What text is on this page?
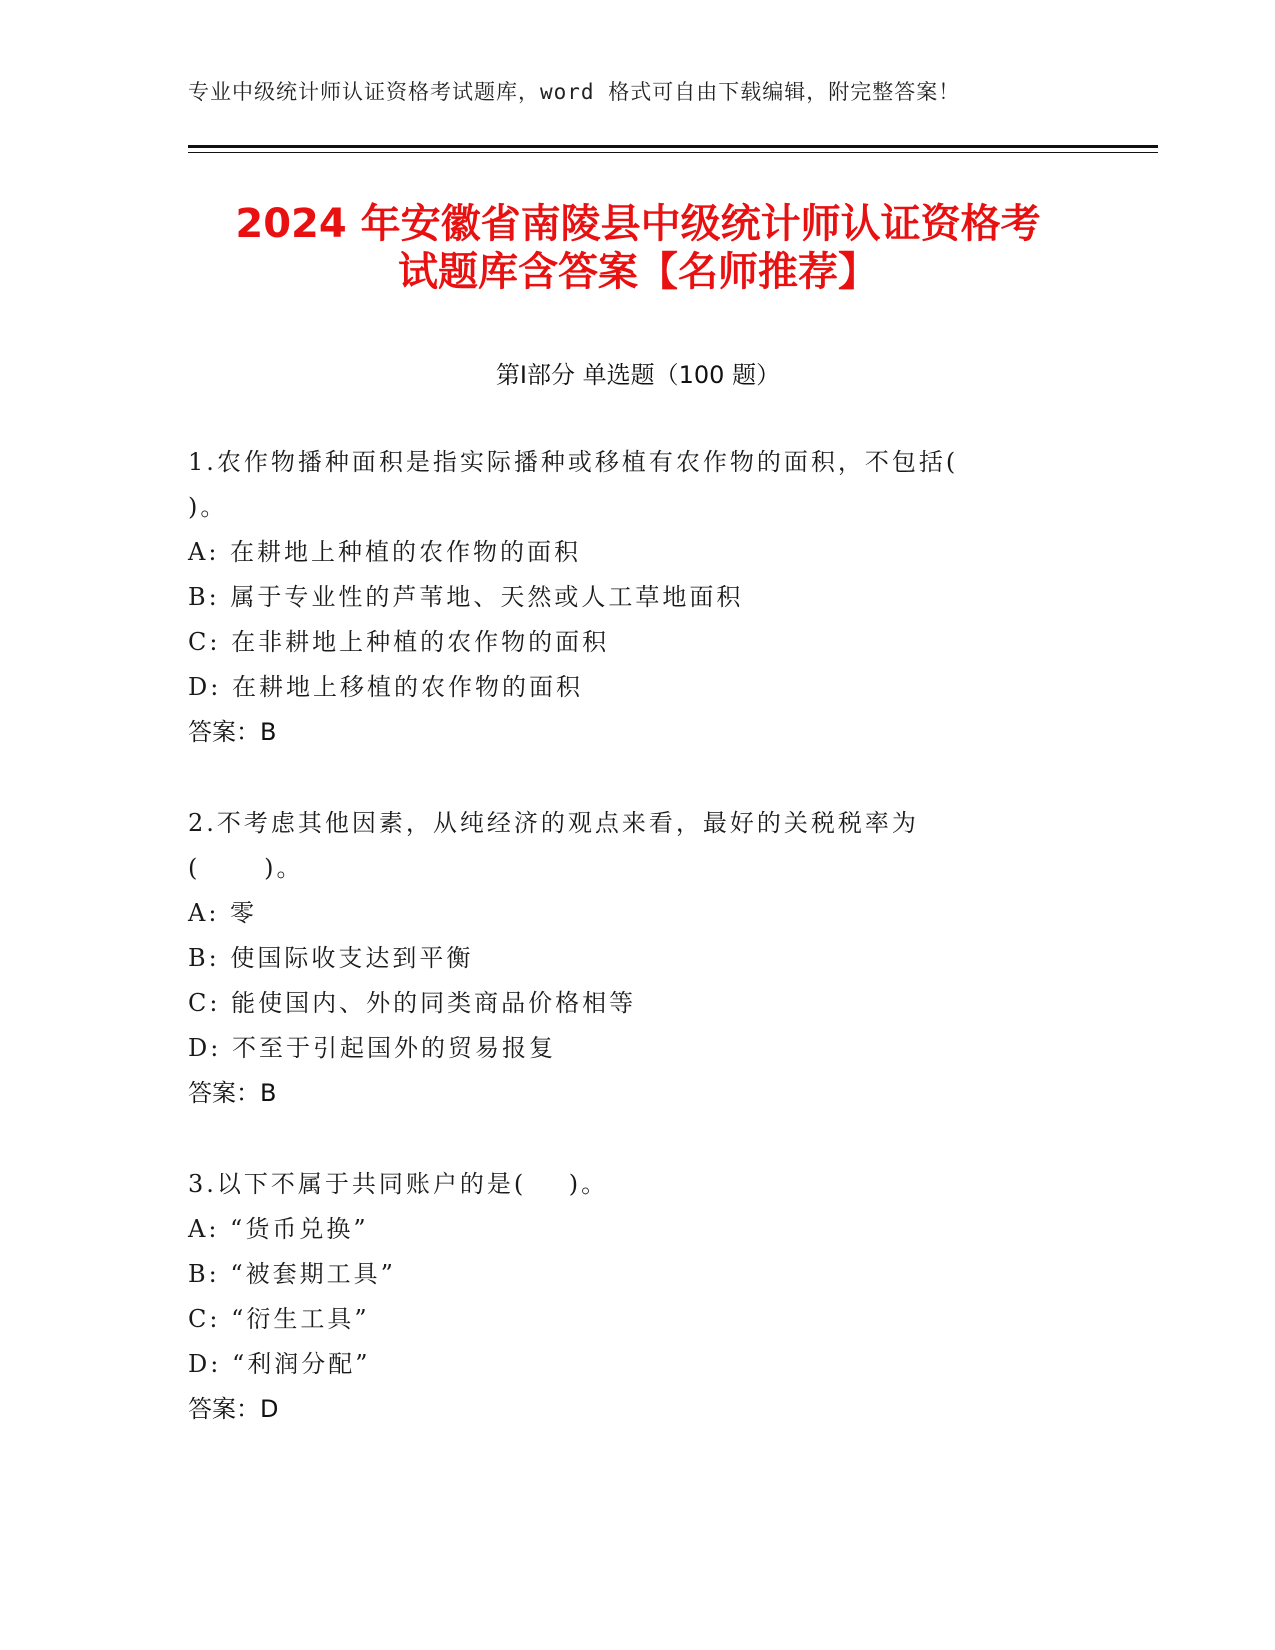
专业中级统计师认证资格考试题库，word 格式可自由下载编辑，附完整答案！
2024 年安徽省南陵县中级统计师认证资格考
试题库含答案【名师推荐】
第Ⅰ部分 单选题（100 题）

1.农作物播种面积是指实际播种或移植有农作物的面积，不包括(

)。

A: 在耕地上种植的农作物的面积

B: 属于专业性的芦苇地、天然或人工草地面积

C: 在非耕地上种植的农作物的面积

D: 在耕地上移植的农作物的面积

答案：B

2.不考虑其他因素，从纯经济的观点来看，最好的关税税率为

(      )。

A: 零

B: 使国际收支达到平衡

C: 能使国内、外的同类商品价格相等

D: 不至于引起国外的贸易报复

答案：B

3.以下不属于共同账户的是(    )。

A: “货币兑换”

B: “被套期工具”

C: “衍生工具”

D: “利润分配”

答案：D
